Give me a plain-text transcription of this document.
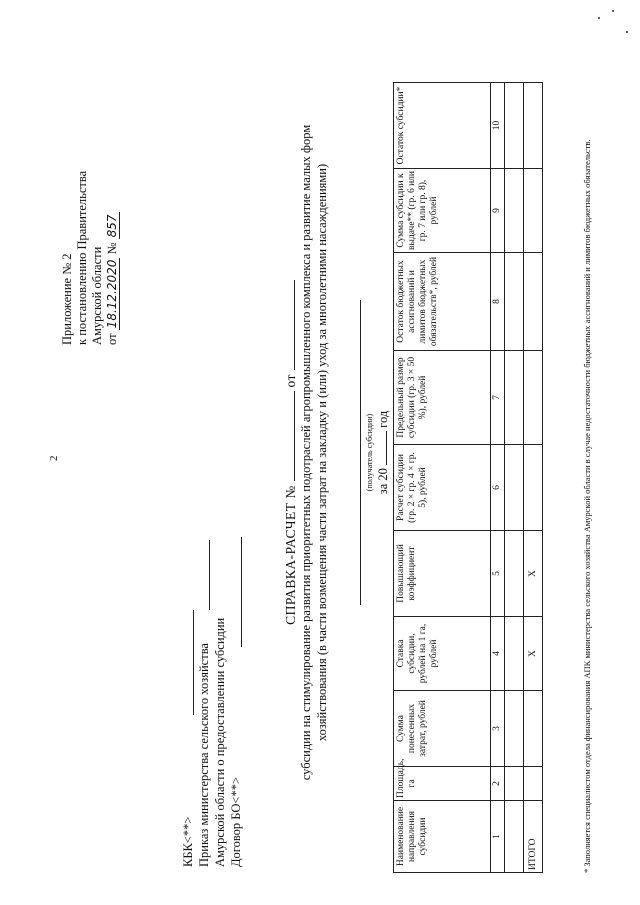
2
Приложение № 2 к постановлению Правительства Амурской области от 18.12.2020 № 857
КБК<**> Приказ министерства сельского хозяйства Амурской области о предоставлении субсидии Договор БО<**>
СПРАВКА-РАСЧЕТ №  от субсидии на стимулирование развития приоритетных подотраслей агропромышленного комплекса и развитие малых форм хозяйствования (в части возмещения части затрат на закладку и (или) уход за многолетними насаждениями)	(получатель субсидии) за 20  год
Наименование направления субсидии	Площадь, га	Сумма понесенных затрат, рублей	Ставка субсидии, рублей на 1 га, рублей	Повышающий коэффициент	Расчет субсидии (гр. 2 × гр. 4 × гр. 5), рублей	Предельный размер субсидии (гр. 3 × 50 %), рублей	Остаток бюджетных ассигнований и лимитов бюджетных обязательств*, рублей	Сумма субсидии к выдаче** (гр. 6 или гр. 7 или гр. 8), рублей	Остаток субсидии*
1	2	3	4	5	6	7	8	9	10

ИТОГО			X	X						* Заполняется специалистом отдела финансирования АПК министерства сельского хозяйства Амурской области в случае недостаточности бюджетных ассигнований и лимитов бюджетных обязательств.
